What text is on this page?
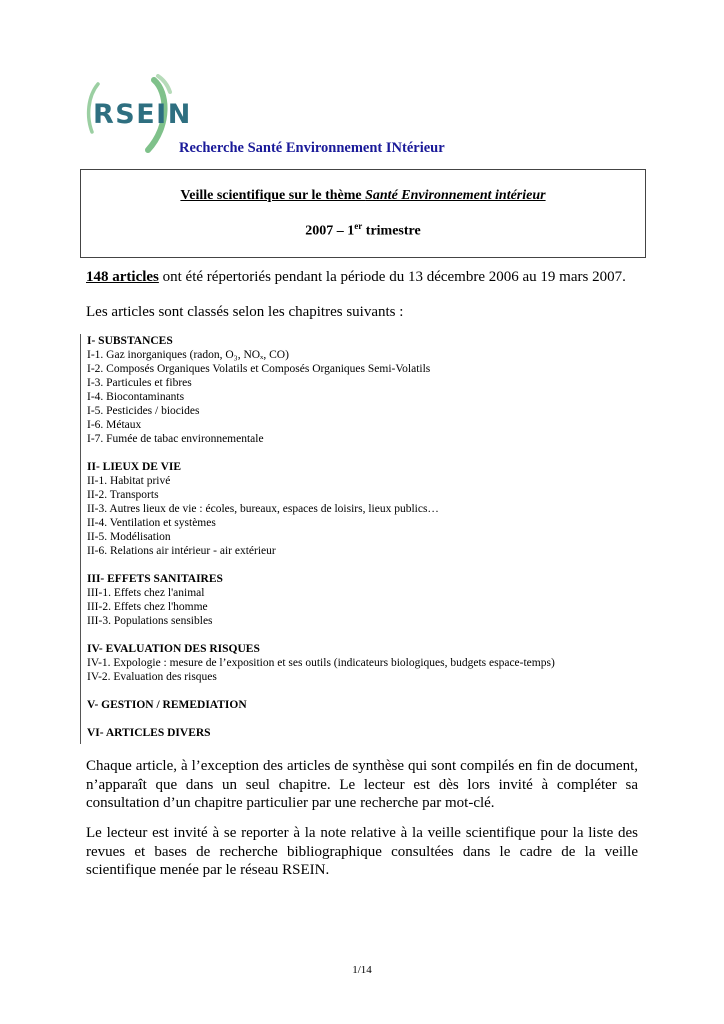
RSEIN
Recherche Santé Environnement INtérieur
Veille scientifique sur le thème Santé Environnement intérieur
2007 – 1er trimestre
148 articles ont été répertoriés pendant la période du 13 décembre 2006 au 19 mars 2007.
Les articles sont classés selon les chapitres suivants :
I- SUBSTANCES
I-1. Gaz inorganiques (radon, O₃, NOₓ, CO)
I-2. Composés Organiques Volatils et Composés Organiques Semi-Volatils
I-3. Particules et fibres
I-4. Biocontaminants
I-5. Pesticides / biocides
I-6. Métaux
I-7. Fumée de tabac environnementale
II- LIEUX DE VIE
II-1. Habitat privé
II-2. Transports
II-3. Autres lieux de vie : écoles, bureaux, espaces de loisirs, lieux publics…
II-4. Ventilation et systèmes
II-5. Modélisation
II-6. Relations air intérieur - air extérieur
III- EFFETS SANITAIRES
III-1. Effets chez l'animal
III-2. Effets chez l'homme
III-3. Populations sensibles
IV- EVALUATION DES RISQUES
IV-1. Expologie : mesure de l’exposition et ses outils (indicateurs biologiques, budgets espace-temps)
IV-2. Evaluation des risques
V- GESTION / REMEDIATION
VI- ARTICLES DIVERS
Chaque article, à l’exception des articles de synthèse qui sont compilés en fin de document, n’apparaît que dans un seul chapitre. Le lecteur est dès lors invité à compléter sa consultation d’un chapitre particulier par une recherche par mot-clé.
Le lecteur est invité à se reporter à la note relative à la veille scientifique pour la liste des revues et bases de recherche bibliographique consultées dans le cadre de la veille scientifique menée par le réseau RSEIN.
1/14
